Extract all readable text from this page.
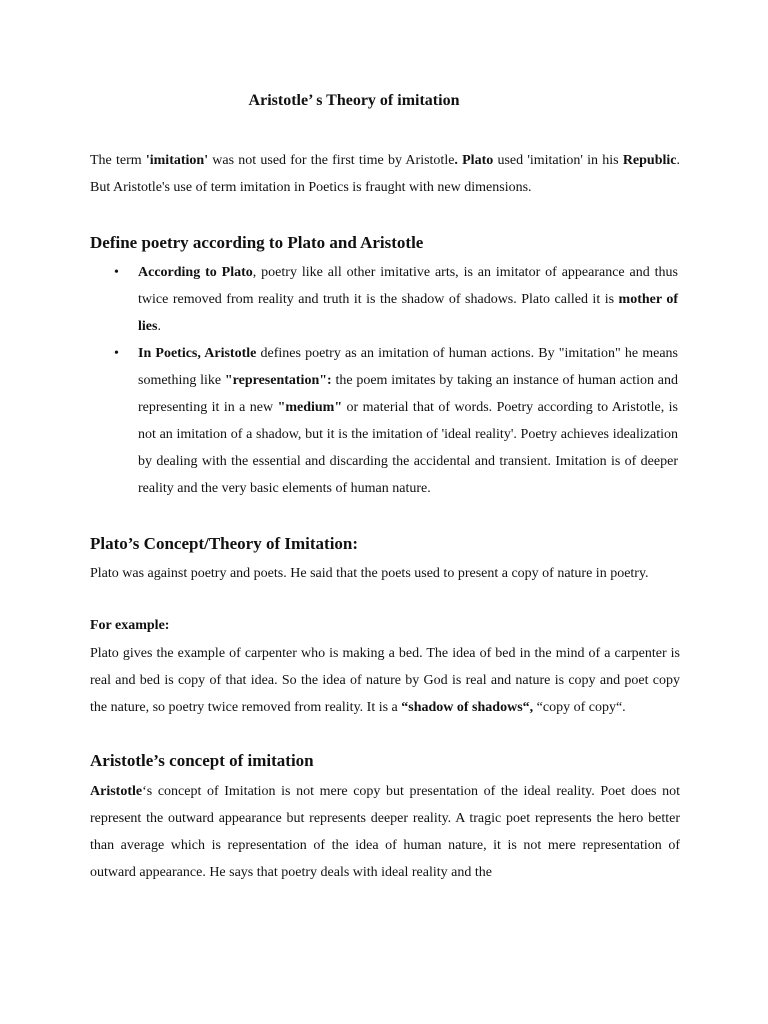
Aristotle’ s Theory of imitation

The term 'imitation' was not used for the first time by Aristotle. Plato used 'imitation' in his Republic. But Aristotle's use of term imitation in Poetics is fraught with new dimensions.

Define poetry according to Plato and Aristotle
•	According to Plato, poetry like all other imitative arts, is an imitator of appearance and thus twice removed from reality and truth it is the shadow of shadows. Plato called it is mother of lies.

•	In Poetics, Aristotle defines poetry as an imitation of human actions. By "imitation" he means something like "representation": the poem imitates by taking an instance of human action and representing it in a new "medium" or material that of words. Poetry according to Aristotle, is not an imitation of a shadow, but it is the imitation of 'ideal reality'. Poetry achieves idealization by dealing with the essential and discarding the accidental and transient. Imitation is of deeper reality and the very basic elements of human nature.

Plato’s Concept/Theory of Imitation:

Plato was against poetry and poets. He said that the poets used to present a copy of nature in poetry.

For example:

Plato gives the example of carpenter who is making a bed. The idea of bed in the mind of a carpenter is real and bed is copy of that idea. So the idea of nature by God is real and nature is copy and poet copy the nature, so poetry twice removed from reality. It is a “shadow of shadows“, “copy of copy“.

Aristotle’s concept of imitation

Aristotle‘s concept of Imitation is not mere copy but presentation of the ideal reality. Poet does not represent the outward appearance but represents deeper reality. A tragic poet represents the hero better than average which is representation of the idea of human nature, it is not mere representation of outward appearance. He says that poetry deals with ideal reality and the
